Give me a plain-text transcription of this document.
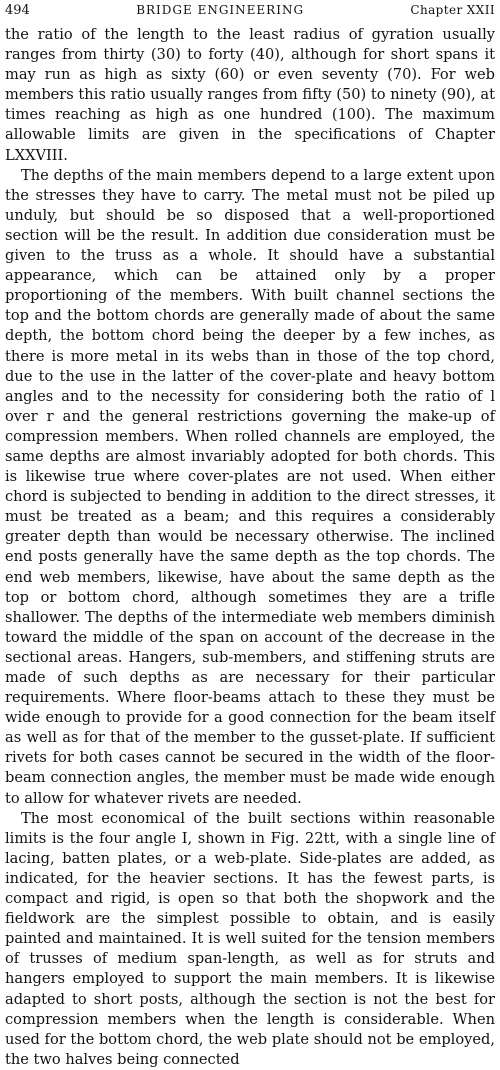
494	BRIDGE ENGINEERING	Chapter XXII

the ratio of the length to the least radius of gyration usually ranges from thirty (30) to forty (40), although for short spans it may run as high as sixty (60) or even seventy (70). For web members this ratio usually ranges from fifty (50) to ninety (90), at times reaching as high as one hundred (100). The maximum allowable limits are given in the specifications of Chapter LXXVIII.

The depths of the main members depend to a large extent upon the stresses they have to carry. The metal must not be piled up unduly, but should be so disposed that a well-proportioned section will be the result. In addition due consideration must be given to the truss as a whole. It should have a substantial appearance, which can be attained only by a proper proportioning of the members. With built channel sections the top and the bottom chords are generally made of about the same depth, the bottom chord being the deeper by a few inches, as there is more metal in its webs than in those of the top chord, due to the use in the latter of the cover-plate and heavy bottom angles and to the necessity for considering both the ratio of l over r and the general restrictions governing the make-up of compression members. When rolled channels are employed, the same depths are almost invariably adopted for both chords. This is likewise true where cover-plates are not used. When either chord is subjected to bending in addition to the direct stresses, it must be treated as a beam; and this requires a considerably greater depth than would be necessary otherwise. The inclined end posts generally have the same depth as the top chords. The end web members, likewise, have about the same depth as the top or bottom chord, although sometimes they are a trifle shallower. The depths of the intermediate web members diminish toward the middle of the span on account of the decrease in the sectional areas. Hangers, sub-members, and stiffening struts are made of such depths as are necessary for their particular requirements. Where floor-beams attach to these they must be wide enough to provide for a good connection for the beam itself as well as for that of the member to the gusset-plate. If sufficient rivets for both cases cannot be secured in the width of the floor-beam connection angles, the member must be made wide enough to allow for whatever rivets are needed.

The most economical of the built sections within reasonable limits is the four angle I, shown in Fig. 22tt, with a single line of lacing, batten plates, or a web-plate. Side-plates are added, as indicated, for the heavier sections. It has the fewest parts, is compact and rigid, is open so that both the shopwork and the fieldwork are the simplest possible to obtain, and is easily painted and maintained. It is well suited for the tension members of trusses of medium span-length, as well as for struts and hangers employed to support the main members. It is likewise adapted to short posts, although the section is not the best for compression members when the length is considerable. When used for the bottom chord, the web plate should not be employed, the two halves being connected
